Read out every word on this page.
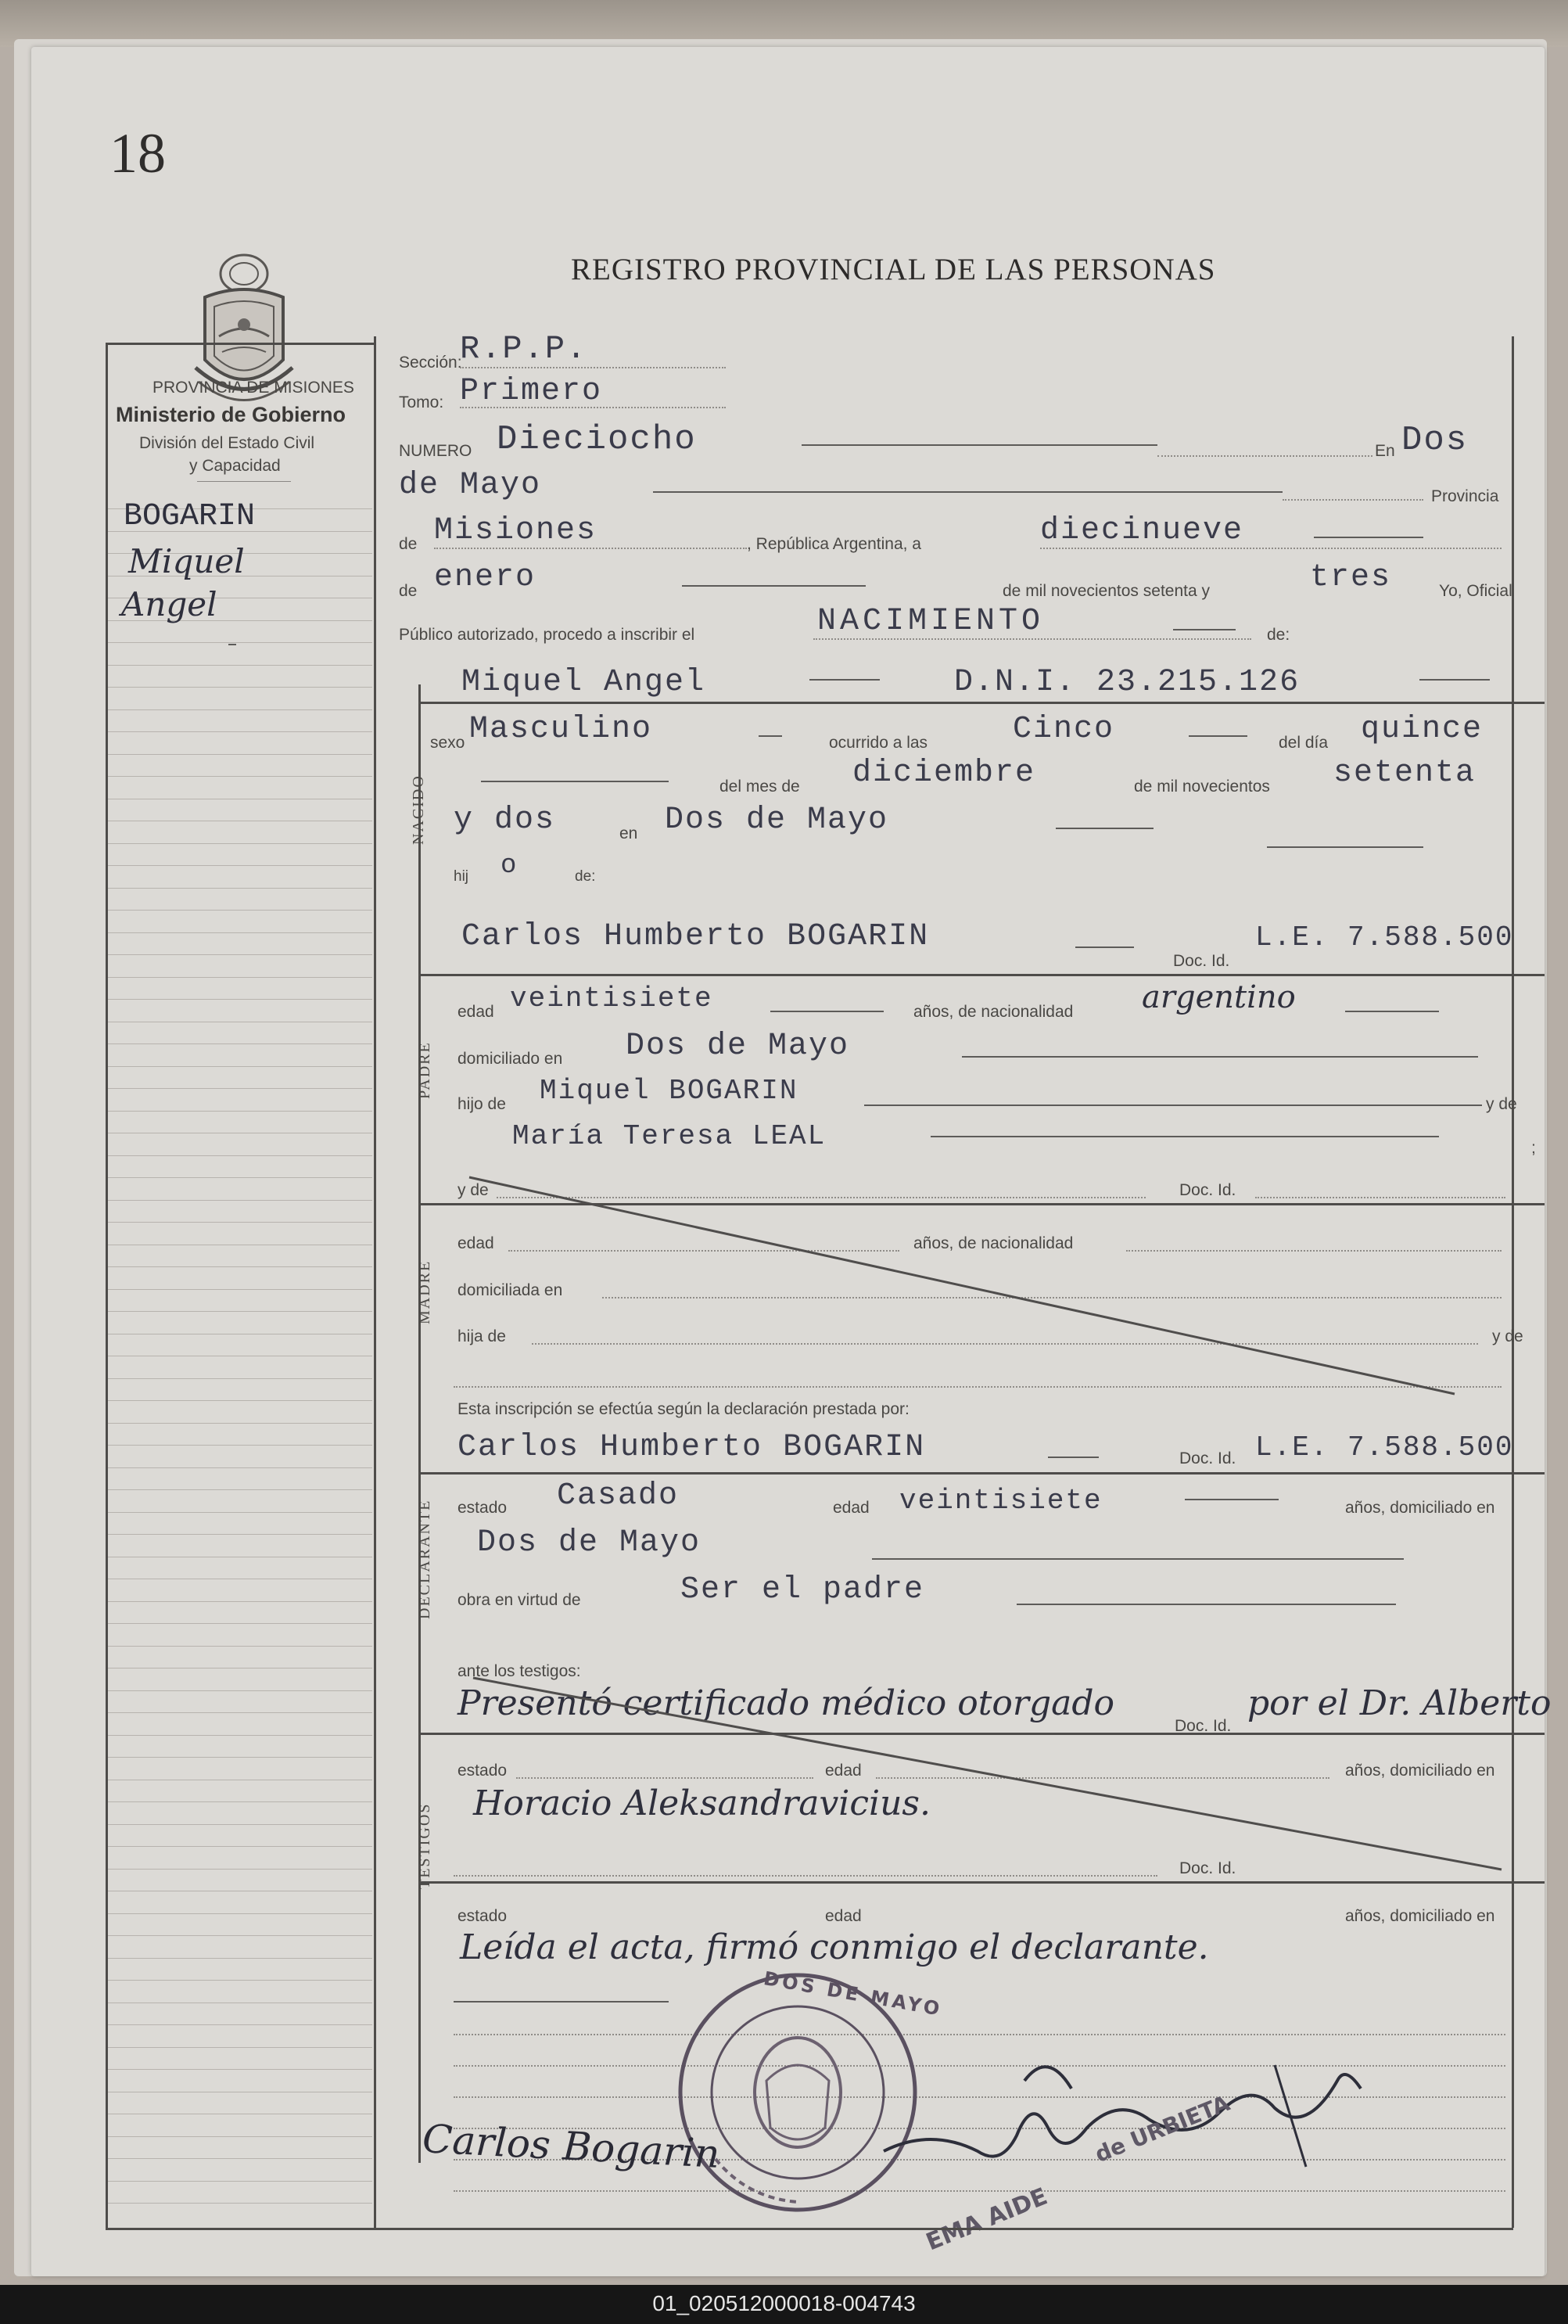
18
REGISTRO PROVINCIAL DE LAS PERSONAS
PROVINCIA DE MISIONES
Ministerio de Gobierno
División del Estado Civil
y Capacidad
BOGARIN
Miquel
Angel
Sección:
R.P.P.
Tomo: Primero
NUMERO Dieciocho	En Dos
de Mayo	Provincia
de Misiones	, República Argentina, a	diecinueve
de enero	de mil novecientos setenta y	tres	Yo, Oficial
Público autorizado, procedo a inscribir el	NACIMIENTO	de:
NACIDO
Miquel Angel	D.N.I. 23.215.126
sexo Masculino	ocurrido a las	Cinco	del día quince
del mes de diciembre	de mil novecientos setenta
y dos	en Dos de Mayo
hij o	de:
Carlos Humberto BOGARIN
Doc. Id.
L.E. 7.588.500
PADRE
edad veintisiete	años, de nacionalidad argentino
domiciliado en Dos de Mayo
hijo de Miquel BOGARIN	y de
María Teresa LEAL	;
y de	Doc. Id.
MADRE
edad	años, de nacionalidad
domiciliada en
hija de	y de
Esta inscripción se efectúa según la declaración prestada por:
Carlos Humberto BOGARIN	Doc. Id. L.E. 7.588.500
DECLARANTE estado Casado	edad veintisiete	años, domiciliado en
Dos de Mayo
obra en virtud de	Ser el padre
ante los testigos:
Presentó certificado médico otorgado
Doc. Id.
por el Dr. Alberto
TESTIGOS
estado	edad	años, domiciliado en
Horacio Aleksandravicius.
Doc. Id.
estado	edad	años, domiciliado en
Leída el acta, firmó conmigo el declarante.
DOS DE MAYO
Carlos Bogarin
EMA AIDE
de URBIETA
01_020512000018-004743
